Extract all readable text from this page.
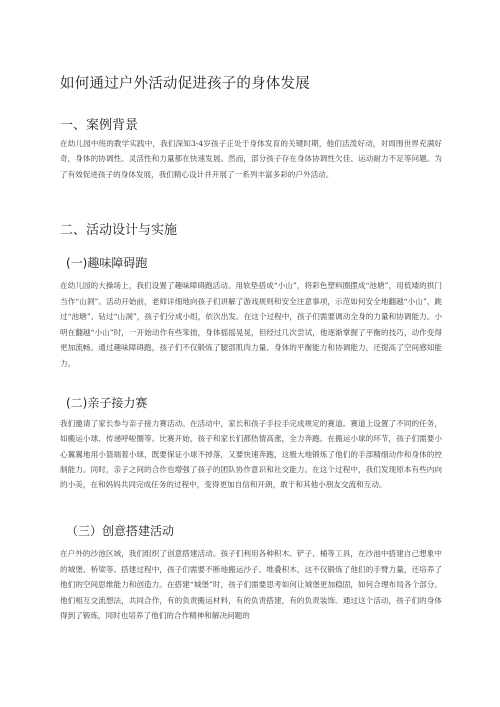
如何通过户外活动促进孩子的身体发展
一、案例背景
在幼儿园中班的教学实践中，我们深知3-4岁孩子正处于身体发育的关键时期，他们活泼好动，对周围世界充满好奇，身体的协调性、灵活性和力量都在快速发展。然而，部分孩子存在身体协调性欠佳、运动耐力不足等问题。为了有效促进孩子的身体发展，我们精心设计并开展了一系列丰富多彩的户外活动。
二、活动设计与实施
(一)趣味障碍跑
在幼儿园的大操场上，我们设置了趣味障碍跑活动。用软垫搭成“小山”，将彩色塑料圈摆成“池塘”，用低矮的拱门当作“山洞”。活动开始前，老师详细地向孩子们讲解了游戏规则和安全注意事项，示范如何安全地翻越“小山”、跳过“池塘”、钻过“山洞”，孩子们分成小组，依次出发。在这个过程中，孩子们需要调动全身的力量和协调能力。小明在翻越“小山”时，一开始动作有些笨拙，身体摇摇晃晃，但经过几次尝试，他逐渐掌握了平衡的技巧，动作变得更加流畅。通过趣味障碍跑，孩子们不仅锻炼了腿部肌肉力量、身体的平衡能力和协调能力，还提高了空间感知能力。
(二)亲子接力赛
我们邀请了家长参与亲子接力赛活动。在活动中，家长和孩子手拉手完成规定的赛道。赛道上设置了不同的任务，如搬运小球、传递呼啦圈等。比赛开始，孩子和家长们都热情高涨，全力奔跑。在搬运小球的环节，孩子们需要小心翼翼地用小篮端着小球，既要保证小球不掉落，又要快速奔跑，这极大地锻炼了他们的手部精细动作和身体的控制能力。同时，亲子之间的合作也增强了孩子的团队协作意识和社交能力。在这个过程中，我们发现原本有些内向的小美，在和妈妈共同完成任务的过程中，变得更加自信和开朗，敢于和其他小朋友交流和互动。
（三）创意搭建活动
在户外的沙池区域，我们组织了创意搭建活动。孩子们利用各种积木、铲子、桶等工具，在沙池中搭建自己想象中的城堡、桥梁等。搭建过程中，孩子们需要不断地搬运沙子、堆叠积木，这不仅锻炼了他们的手臂力量，还培养了他们的空间思维能力和创造力。在搭建“城堡”时，孩子们需要思考如何让城堡更加稳固，如何合理布局各个部分。他们相互交流想法，共同合作，有的负责搬运材料，有的负责搭建，有的负责装饰。通过这个活动，孩子们的身体得到了锻炼，同时也培养了他们的合作精神和解决问题的
